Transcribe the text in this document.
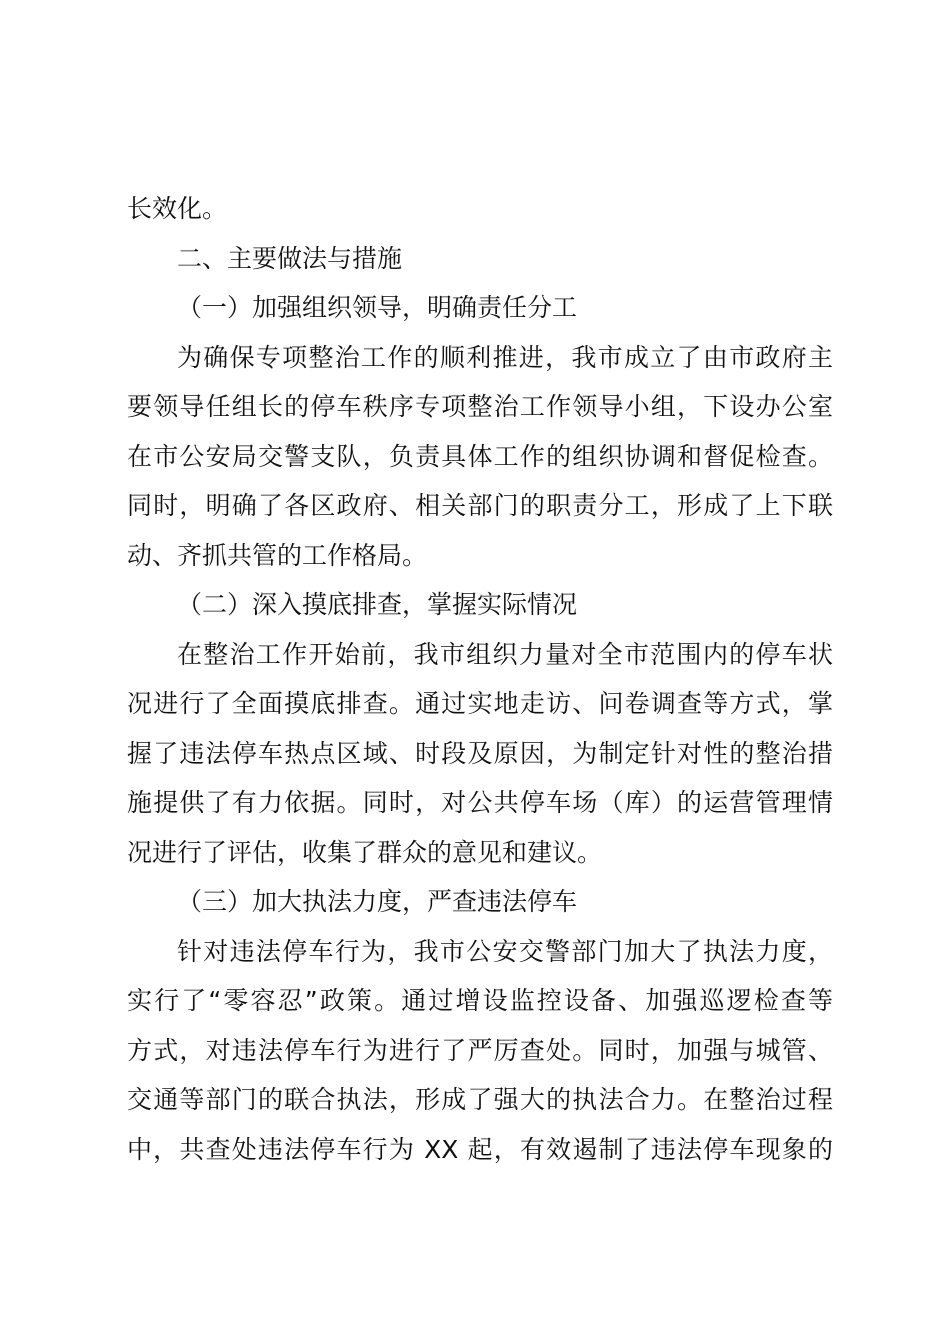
长效化。
二、主要做法与措施
（一）加强组织领导，明确责任分工
为确保专项整治工作的顺利推进，我市成立了由市政府主
要领导任组长的停车秩序专项整治工作领导小组，下设办公室
在市公安局交警支队，负责具体工作的组织协调和督促检查。
同时，明确了各区政府、相关部门的职责分工，形成了上下联
动、齐抓共管的工作格局。
（二）深入摸底排查，掌握实际情况
在整治工作开始前，我市组织力量对全市范围内的停车状
况进行了全面摸底排查。通过实地走访、问卷调查等方式，掌
握了违法停车热点区域、时段及原因，为制定针对性的整治措
施提供了有力依据。同时，对公共停车场（库）的运营管理情
况进行了评估，收集了群众的意见和建议。
（三）加大执法力度，严查违法停车
针对违法停车行为，我市公安交警部门加大了执法力度，
实行了“零容忍”政策。通过增设监控设备、加强巡逻检查等
方式，对违法停车行为进行了严厉查处。同时，加强与城管、
交通等部门的联合执法，形成了强大的执法合力。在整治过程
中，共查处违法停车行为 XX 起，有效遏制了违法停车现象的
